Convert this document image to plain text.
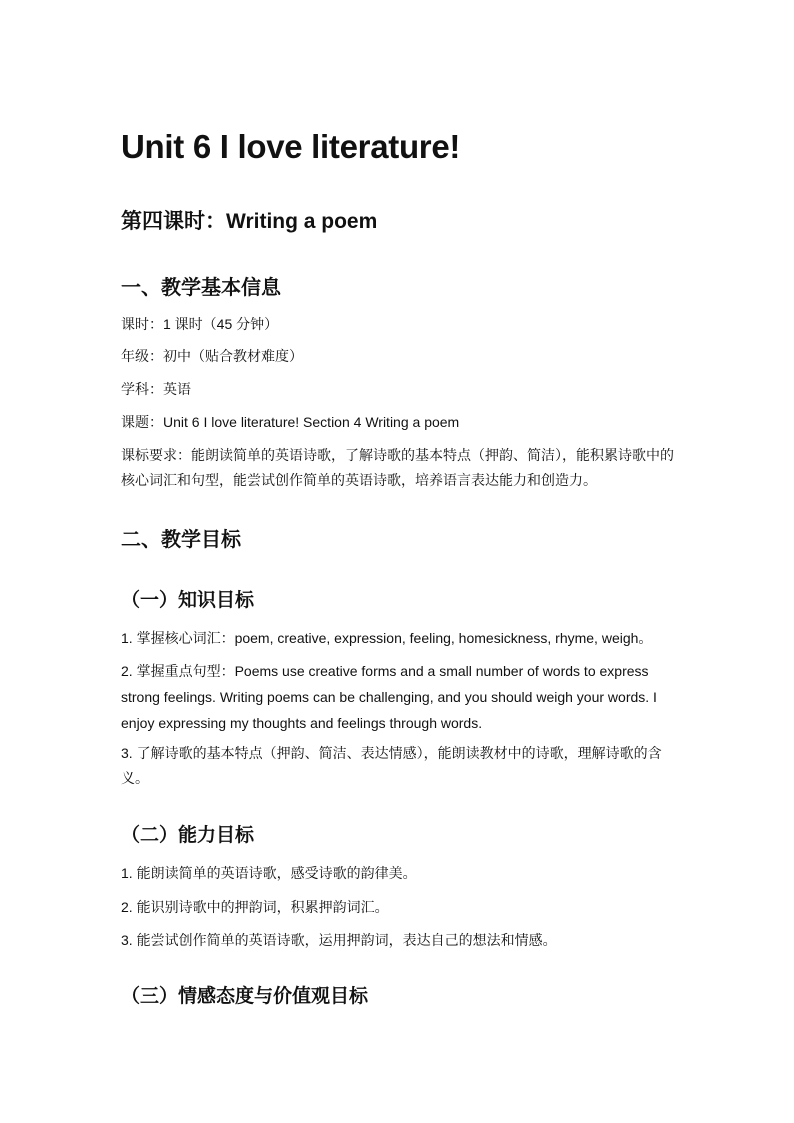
Unit 6 I love literature!
第四课时：Writing a poem
一、教学基本信息
课时：1 课时（45 分钟）
年级：初中（贴合教材难度）
学科：英语
课题：Unit 6 I love literature! Section 4 Writing a poem
课标要求：能朗读简单的英语诗歌，了解诗歌的基本特点（押韵、简洁），能积累诗歌中的核心词汇和句型，能尝试创作简单的英语诗歌，培养语言表达能力和创造力。
二、教学目标
（一）知识目标
1. 掌握核心词汇：poem, creative, expression, feeling, homesickness, rhyme, weigh。
2. 掌握重点句型：Poems use creative forms and a small number of words to express strong feelings. Writing poems can be challenging, and you should weigh your words. I enjoy expressing my thoughts and feelings through words.
3. 了解诗歌的基本特点（押韵、简洁、表达情感），能朗读教材中的诗歌，理解诗歌的含义。
（二）能力目标
1. 能朗读简单的英语诗歌，感受诗歌的韵律美。
2. 能识别诗歌中的押韵词，积累押韵词汇。
3. 能尝试创作简单的英语诗歌，运用押韵词，表达自己的想法和情感。
（三）情感态度与价值观目标
